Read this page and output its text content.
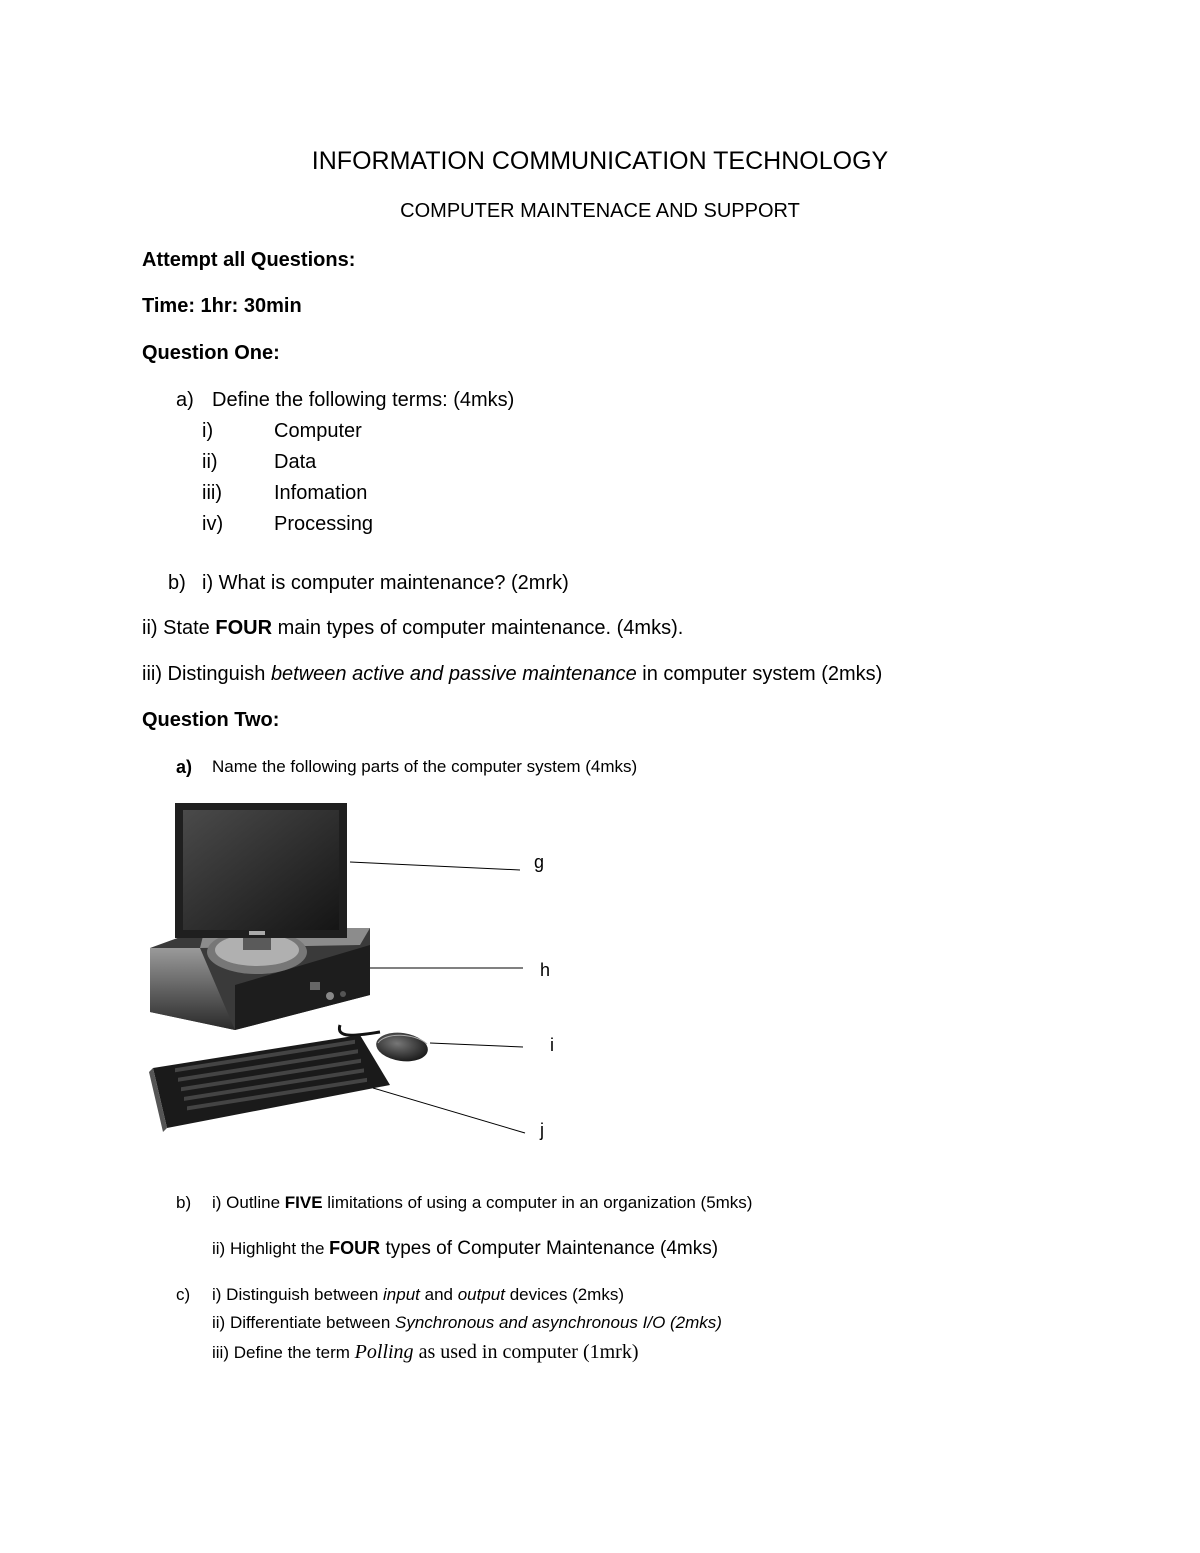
INFORMATION COMMUNICATION TECHNOLOGY
COMPUTER MAINTENACE AND SUPPORT
Attempt all Questions:
Time: 1hr: 30min
Question One:
a) Define the following terms: (4mks)
i)	Computer
ii)	Data
iii)	Infomation
iv)	Processing
b) i) What is computer maintenance? (2mrk)
ii) State FOUR main types of computer maintenance. (4mks).
iii) Distinguish between active and passive maintenance in computer system (2mks)
Question Two:
a) Name the following parts of the computer system (4mks)
g
h
i
j
b) i) Outline FIVE limitations of using a computer in an organization (5mks)
ii) Highlight the FOUR types of Computer Maintenance (4mks)
c) i) Distinguish between input and output devices (2mks)
ii) Differentiate between Synchronous and asynchronous I/O (2mks)
iii) Define the term Polling as used in computer (1mrk)
